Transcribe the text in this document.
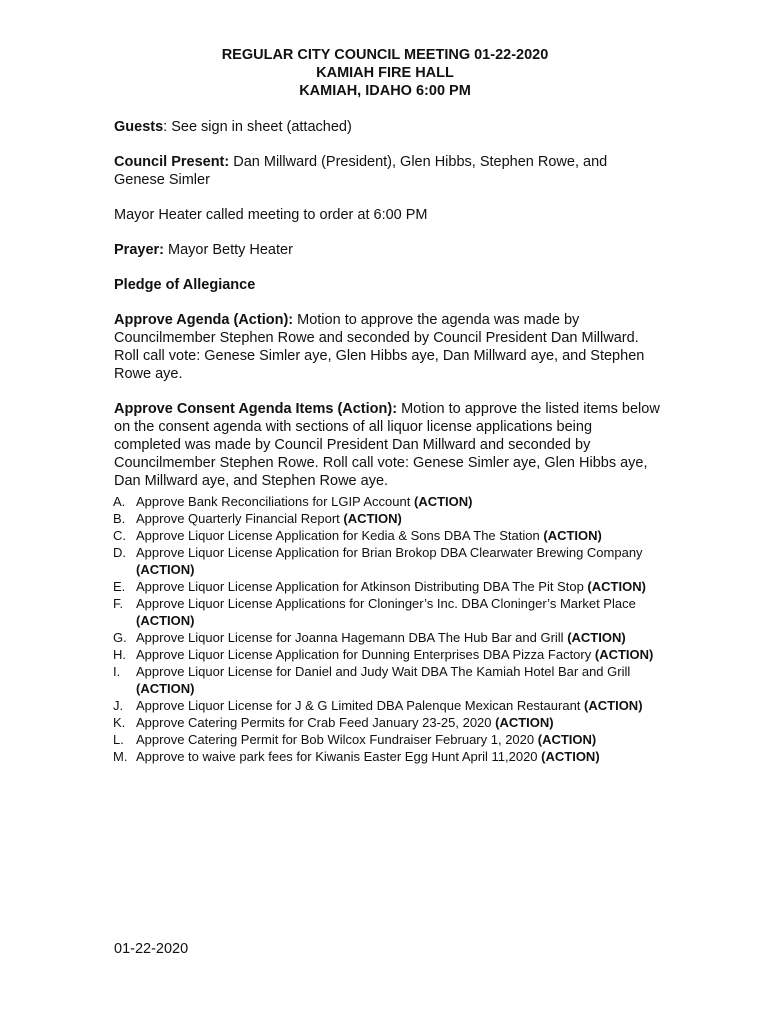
REGULAR CITY COUNCIL MEETING 01-22-2020
KAMIAH FIRE HALL
KAMIAH, IDAHO 6:00 PM

Guests: See sign in sheet (attached)

Council Present: Dan Millward (President), Glen Hibbs, Stephen Rowe, and Genese Simler

Mayor Heater called meeting to order at 6:00 PM

Prayer: Mayor Betty Heater

Pledge of Allegiance

Approve Agenda (Action): Motion to approve the agenda was made by Councilmember Stephen Rowe and seconded by Council President Dan Millward. Roll call vote: Genese Simler aye, Glen Hibbs aye, Dan Millward aye, and Stephen Rowe aye.

Approve Consent Agenda Items (Action): Motion to approve the listed items below on the consent agenda with sections of all liquor license applications being completed was made by Council President Dan Millward and seconded by Councilmember Stephen Rowe. Roll call vote: Genese Simler aye, Glen Hibbs aye, Dan Millward aye, and Stephen Rowe aye.

A. Approve Bank Reconciliations for LGIP Account (ACTION)
B. Approve Quarterly Financial Report (ACTION)
C. Approve Liquor License Application for Kedia & Sons DBA The Station (ACTION)
D. Approve Liquor License Application for Brian Brokop DBA Clearwater Brewing Company (ACTION)
E. Approve Liquor License Application for Atkinson Distributing DBA The Pit Stop (ACTION)
F. Approve Liquor License Applications for Cloninger’s Inc. DBA Cloninger’s Market Place (ACTION)
G. Approve Liquor License for Joanna Hagemann DBA The Hub Bar and Grill (ACTION)
H. Approve Liquor License Application for Dunning Enterprises DBA Pizza Factory (ACTION)
I. Approve Liquor License for Daniel and Judy Wait DBA The Kamiah Hotel Bar and Grill (ACTION)
J. Approve Liquor License for J & G Limited DBA Palenque Mexican Restaurant (ACTION)
K. Approve Catering Permits for Crab Feed January 23-25, 2020 (ACTION)
L. Approve Catering Permit for Bob Wilcox Fundraiser February 1, 2020 (ACTION)
M. Approve to waive park fees for Kiwanis Easter Egg Hunt April 11,2020 (ACTION)
01-22-2020
